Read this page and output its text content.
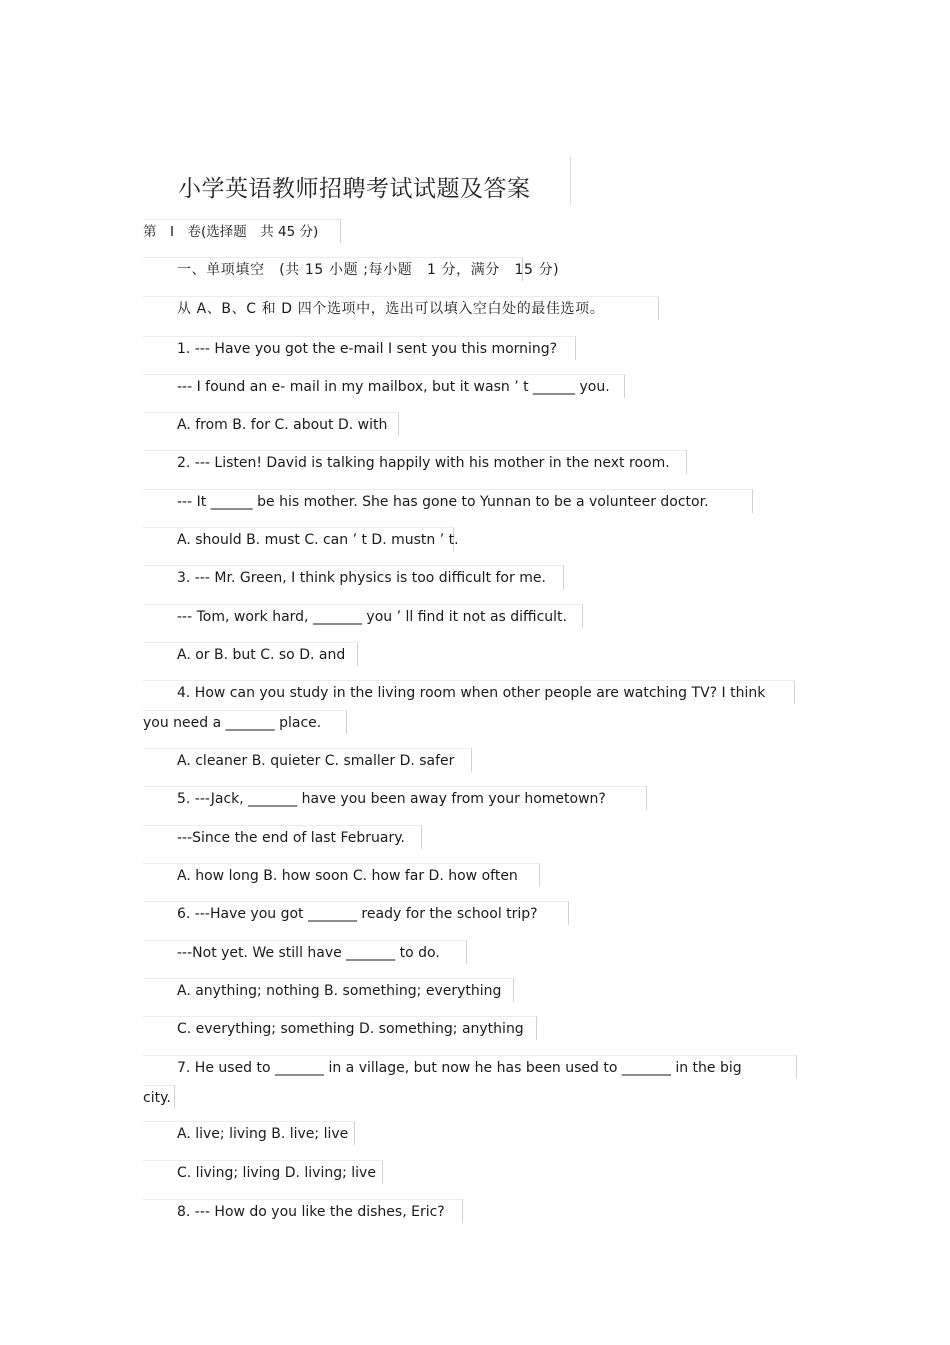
小学英语教师招聘考试试题及答案
第　Ⅰ　卷(选择题　共 45 分)
一、单项填空　(共 15 小题 ;每小题　1 分，满分　15 分)
从 A、B、C 和 D 四个选项中，选出可以填入空白处的最佳选项。
1. --- Have you got the e-mail I sent you this morning?
--- I found an e- mail in my mailbox, but it wasn ’ t ______ you.
A. from B. for C. about D. with
2. --- Listen! David is talking happily with his mother in the next room.
--- It ______ be his mother. She has gone to Yunnan to be a volunteer doctor.
A. should B. must C. can ’ t D. mustn ’ t.
3. --- Mr. Green, I think physics is too difficult for me.
--- Tom, work hard, _______ you ’ ll find it not as difficult.
A. or B. but C. so D. and
4. How can you study in the living room when other people are watching TV? I think
you need a _______ place.
A. cleaner B. quieter C. smaller D. safer
5. ---Jack, _______ have you been away from your hometown?
---Since the end of last February.
A. how long B. how soon C. how far D. how often
6. ---Have you got _______ ready for the school trip?
---Not yet. We still have _______ to do.
A. anything; nothing B. something; everything
C. everything; something D. something; anything
7. He used to _______ in a village, but now he has been used to _______ in the big
city.
A. live; living B. live; live
C. living; living D. living; live
8. --- How do you like the dishes, Eric?
